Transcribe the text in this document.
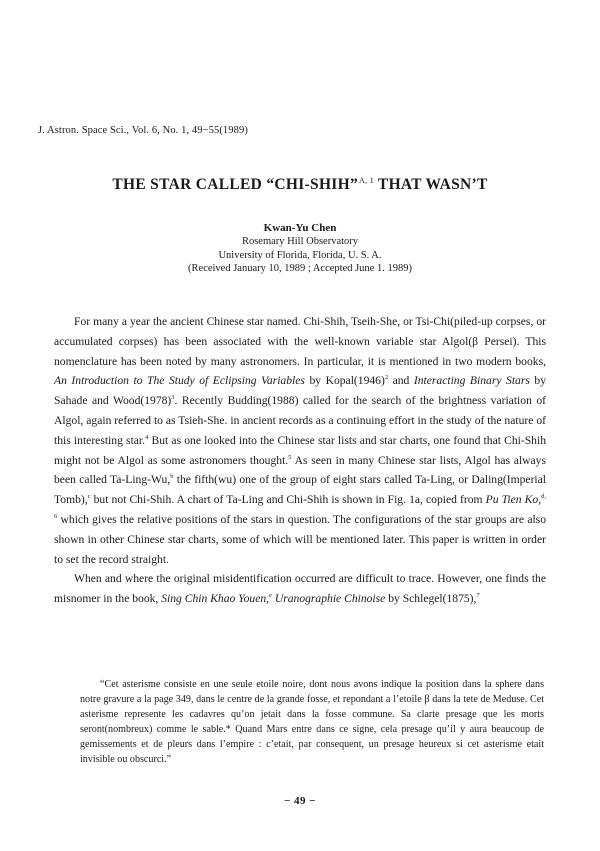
J. Astron. Space Sci., Vol. 6, No. 1, 49−55(1989)
THE STAR CALLED “CHI-SHIH”$^{A, 1}$ THAT WASN’T
Kwan-Yu Chen
Rosemary Hill Observatory
University of Florida, Florida, U. S. A.
(Received January 10, 1989 ; Accepted June 1. 1989)

For many a year the ancient Chinese star named. Chi-Shih, Tseih-She, or Tsi-Chi(piled-up corpses, or accumulated corpses) has been associated with the well-known variable star Algol(β Persei). This nomenclature has been noted by many astronomers. In particular, it is mentioned in two modern books, An Introduction to The Study of Eclipsing Variables by $Kopal(1946)^2$ and Interacting Binary Stars by Sahade and $Wood(1978)^3$. Recently Budding(1988) called for the search of the brightness variation of Algol, again referred to as Tsieh-She. in ancient records as a continuing effort in the study of the nature of this interesting star.$^4$ But as one looked into the Chinese star lists and star charts, one found that Chi-Shih might not be Algol as some astronomers thought.$^5$ As seen in many Chinese star lists, Algol has always been called Ta-Ling-Wu,$^b$ the fifth(wu) one of the group of eight stars called Ta-Ling, or Daling(Imperial Tomb),$^c$ but not Chi-Shih. A chart of Ta-Ling and Chi-Shih is shown in Fig. 1a, copied from Pu Tien Ko,$^{d, 6}$ which gives the relative positions of the stars in question. The configurations of the star groups are also shown in other Chinese star charts, some of which will be mentioned later. This paper is written in order to set the record straight.

When and where the original misidentification occurred are difficult to trace. However, one finds the misnomer in the book, Sing Chin Khao Youen,$^e$ Uranographie Chinoise by Schlegel(1875),$^7$

“Cet asterisme consiste en une seule etoile noire, dont nous avons indique la position dans la sphere dans notre gravure a la page 349, dans le centre de la grande fosse, et repondant a l’etoile β dans la tete de Meduse. Cet asterisme represente les cadavres qu’on jetait dans la fosse commune. Sa clarte presage que les morts seront(nombreux) comme le sable.* Quand Mars entre dans ce signe, cela presage qu’il y aura beaucoup de gemissements et de pleurs dans l’empire : c’etait, par consequent, un presage heureux si cet asterisme etait invisible ou obscurci.”

− 49 −
